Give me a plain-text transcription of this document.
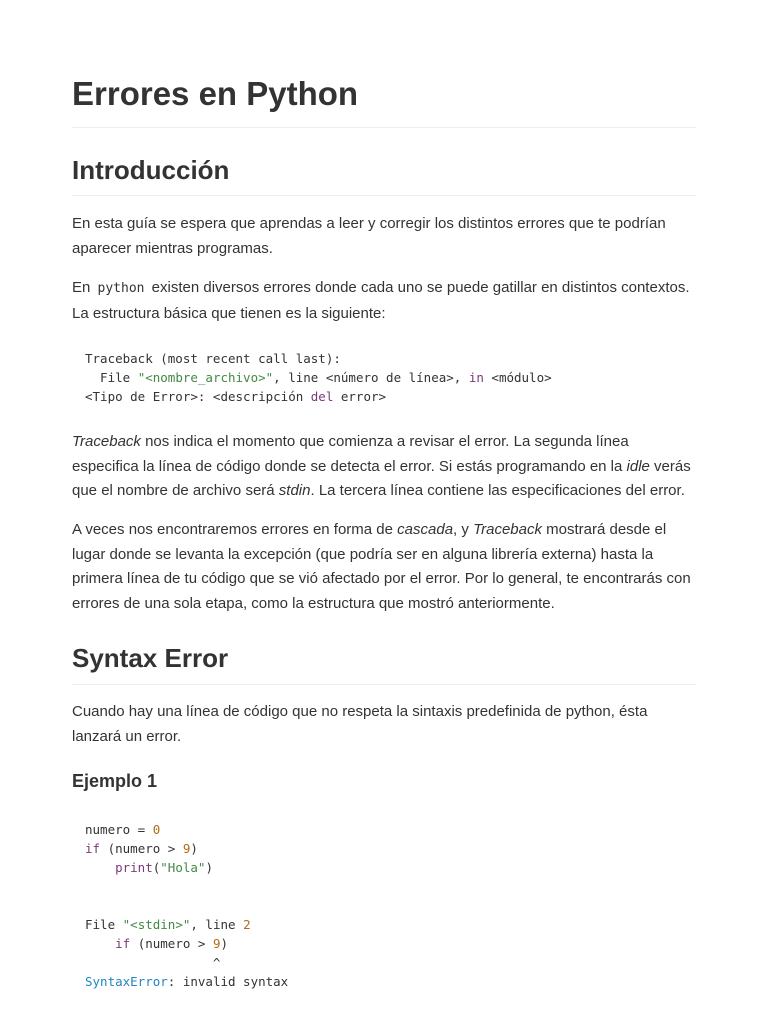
Errores en Python
Introducción

En esta guía se espera que aprendas a leer y corregir los distintos errores que te podrían aparecer mientras programas.

En python existen diversos errores donde cada uno se puede gatillar en distintos contextos. La estructura básica que tienen es la siguiente:

Traceback (most recent call last):
File "<nombre_archivo>", line <número de línea>, in <módulo>
<Tipo de Error>: <descripción del error>

Traceback nos indica el momento que comienza a revisar el error. La segunda línea especifica la línea de código donde se detecta el error. Si estás programando en la idle verás que el nombre de archivo será stdin. La tercera línea contiene las especificaciones del error.

A veces nos encontraremos errores en forma de cascada, y Traceback mostrará desde el lugar donde se levanta la excepción (que podría ser en alguna librería externa) hasta la primera línea de tu código que se vió afectado por el error. Por lo general, te encontrarás con errores de una sola etapa, como la estructura que mostró anteriormente.

Syntax Error

Cuando hay una línea de código que no respeta la sintaxis predefinida de python, ésta lanzará un error.

Ejemplo 1
numero = 0
if (numero > 9)
print("Hola")

File "<stdin>", line 2
if (numero > 9)
^
SyntaxError: invalid syntax
